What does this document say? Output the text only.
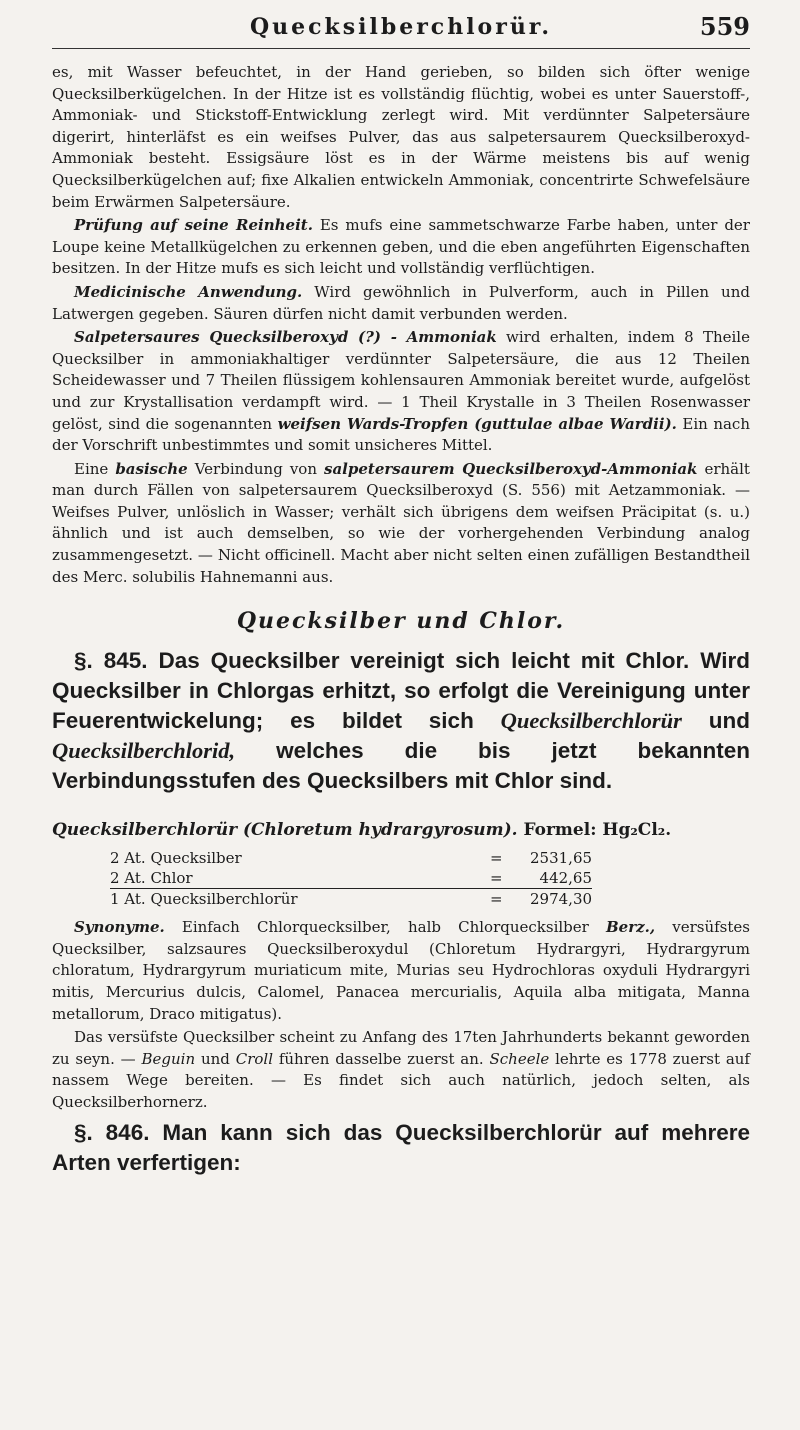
Quecksilberchlorür.	559

es, mit Wasser befeuchtet, in der Hand gerieben, so bilden sich öfter wenige Quecksilberkügelchen. In der Hitze ist es vollständig flüchtig, wobei es unter Sauerstoff-, Ammoniak- und Stickstoff-Entwicklung zerlegt wird. Mit verdünnter Salpetersäure digerirt, hinterläfst es ein weifses Pulver, das aus salpetersaurem Quecksilberoxyd-Ammoniak besteht. Essigsäure löst es in der Wärme meistens bis auf wenig Quecksilberkügelchen auf; fixe Alkalien entwickeln Ammoniak, concentrirte Schwefelsäure beim Erwärmen Salpetersäure.

Prüfung auf seine Reinheit. Es mufs eine sammetschwarze Farbe haben, unter der Loupe keine Metallkügelchen zu erkennen geben, und die eben angeführten Eigenschaften besitzen. In der Hitze mufs es sich leicht und vollständig verflüchtigen.

Medicinische Anwendung. Wird gewöhnlich in Pulverform, auch in Pillen und Latwergen gegeben. Säuren dürfen nicht damit verbunden werden.

Salpetersaures Quecksilberoxyd (?) - Ammoniak wird erhalten, indem 8 Theile Quecksilber in ammoniakhaltiger verdünnter Salpetersäure, die aus 12 Theilen Scheidewasser und 7 Theilen flüssigem kohlensauren Ammoniak bereitet wurde, aufgelöst und zur Krystallisation verdampft wird. — 1 Theil Krystalle in 3 Theilen Rosenwasser gelöst, sind die sogenannten weifsen Wards-Tropfen (guttulae albae Wardii). Ein nach der Vorschrift unbestimmtes und somit unsicheres Mittel.

Eine basische Verbindung von salpetersaurem Quecksilberoxyd-Ammoniak erhält man durch Fällen von salpetersaurem Quecksilberoxyd (S. 556) mit Aetzammoniak. — Weifses Pulver, unlöslich in Wasser; verhält sich übrigens dem weifsen Präcipitat (s. u.) ähnlich und ist auch demselben, so wie der vorhergehenden Verbindung analog zusammengesetzt. — Nicht officinell. Macht aber nicht selten einen zufälligen Bestandtheil des Merc. solubilis Hahnemanni aus.

Quecksilber und Chlor.

§. 845. Das Quecksilber vereinigt sich leicht mit Chlor. Wird Quecksilber in Chlorgas erhitzt, so erfolgt die Vereinigung unter Feuerentwickelung; es bildet sich Quecksilberchlorür und Quecksilberchlorid, welches die bis jetzt bekannten Verbindungsstufen des Quecksilbers mit Chlor sind.

Quecksilberchlorür (Chloretum hydrargyrosum). Formel: Hg₂Cl₂.
2 At. Quecksilber	=	2531,65
2 At. Chlor	=	442,65
1 At. Quecksilberchlorür	=	2974,30

Synonyme. Einfach Chlorquecksilber, halb Chlorquecksilber Berz., versüfstes Quecksilber, salzsaures Quecksilberoxydul (Chloretum Hydrargyri, Hydrargyrum chloratum, Hydrargyrum muriaticum mite, Murias seu Hydrochloras oxyduli Hydrargyri mitis, Mercurius dulcis, Calomel, Panacea mercurialis, Aquila alba mitigata, Manna metallorum, Draco mitigatus).

Das versüfste Quecksilber scheint zu Anfang des 17ten Jahrhunderts bekannt geworden zu seyn. — Beguin und Croll führen dasselbe zuerst an. Scheele lehrte es 1778 zuerst auf nassem Wege bereiten. — Es findet sich auch natürlich, jedoch selten, als Quecksilberhornerz.

§. 846. Man kann sich das Quecksilberchlorür auf mehrere Arten verfertigen:
